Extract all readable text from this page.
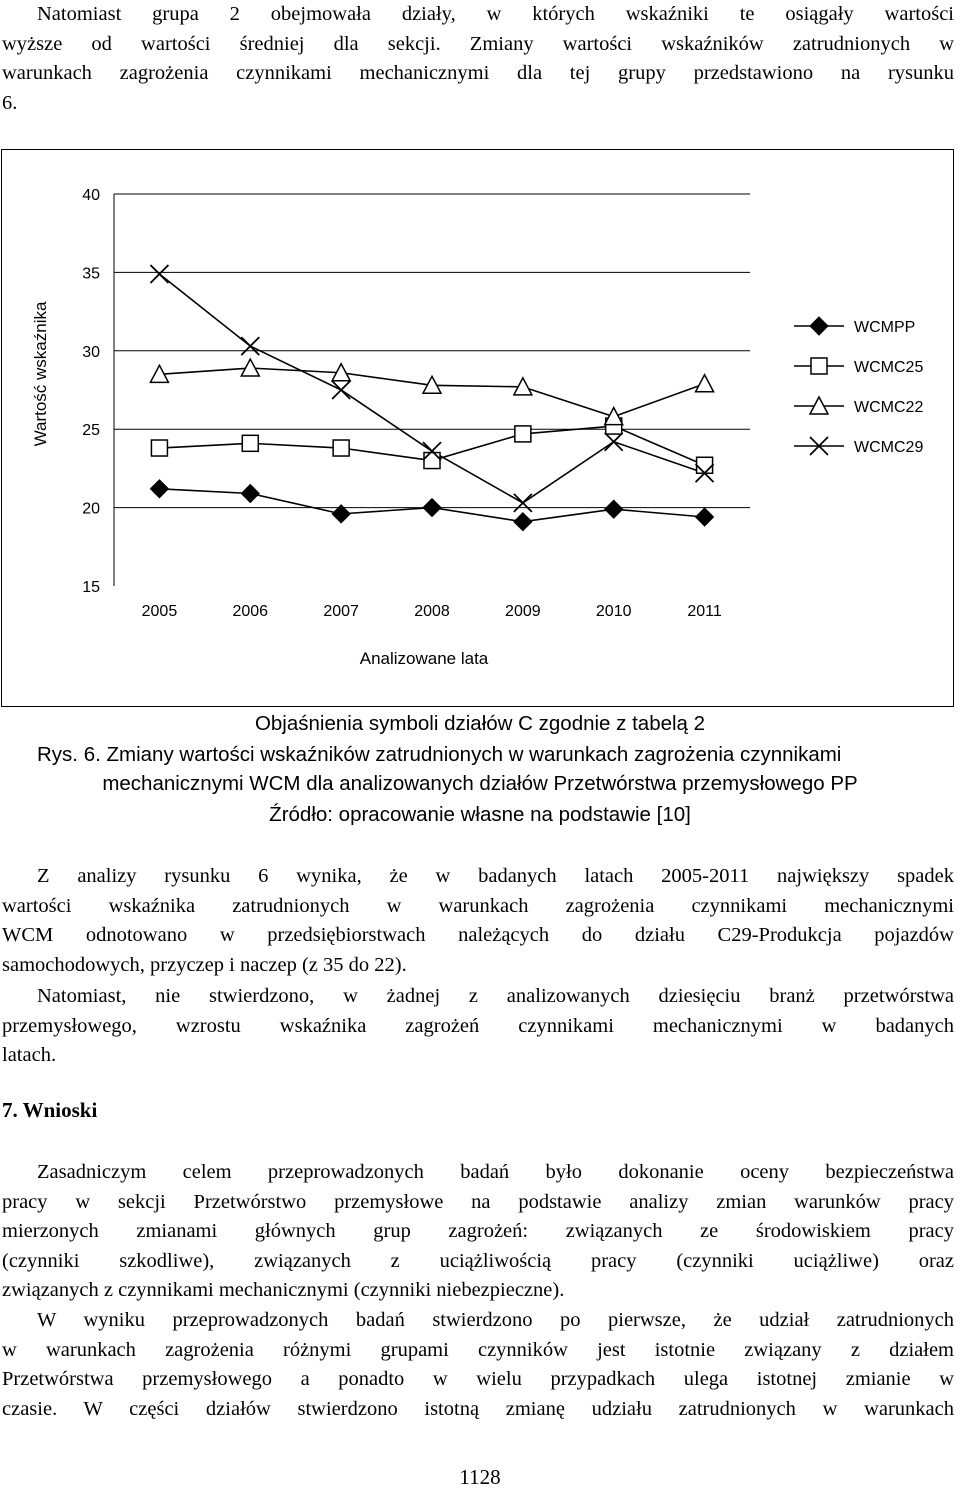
Natomiast grupa 2 obejmowała działy, w których wskaźniki te osiągały wartości
wyższe od wartości średniej dla sekcji. Zmiany wartości wskaźników zatrudnionych w
warunkach zagrożenia czynnikami mechanicznymi dla tej grupy przedstawiono na rysunku
6.
15
20
25
30
35
40
2005	2006	2007	2008	2009	2010	2011
Analizowane lata
Wartość wskaźnika	WCMPP
WCMC25
WCMC22
WCMC29
Objaśnienia symboli działów C zgodnie z tabelą 2
Rys. 6. Zmiany wartości wskaźników zatrudnionych w warunkach zagrożenia czynnikami
mechanicznymi WCM dla analizowanych działów Przetwórstwa przemysłowego PP
Źródło: opracowanie własne na podstawie [10]
Z analizy rysunku 6 wynika, że w badanych latach 2005-2011 największy spadek
wartości wskaźnika zatrudnionych w warunkach zagrożenia czynnikami mechanicznymi
WCM odnotowano w przedsiębiorstwach należących do działu C29-Produkcja pojazdów
samochodowych, przyczep i naczep (z 35 do 22).
Natomiast, nie stwierdzono, w żadnej z analizowanych dziesięciu branż przetwórstwa
przemysłowego, wzrostu wskaźnika zagrożeń czynnikami mechanicznymi w badanych
latach.
7. Wnioski
Zasadniczym celem przeprowadzonych badań było dokonanie oceny bezpieczeństwa
pracy w sekcji Przetwórstwo przemysłowe na podstawie analizy zmian warunków pracy
mierzonych zmianami głównych grup zagrożeń: związanych ze środowiskiem pracy
(czynniki szkodliwe), związanych z uciążliwością pracy (czynniki uciążliwe) oraz
związanych z czynnikami mechanicznymi (czynniki niebezpieczne).
W wyniku przeprowadzonych badań stwierdzono po pierwsze, że udział zatrudnionych
w warunkach zagrożenia różnymi grupami czynników jest istotnie związany z działem
Przetwórstwa przemysłowego a ponadto w wielu przypadkach ulega istotnej zmianie w
czasie. W części działów stwierdzono istotną zmianę udziału zatrudnionych w warunkach
1128
